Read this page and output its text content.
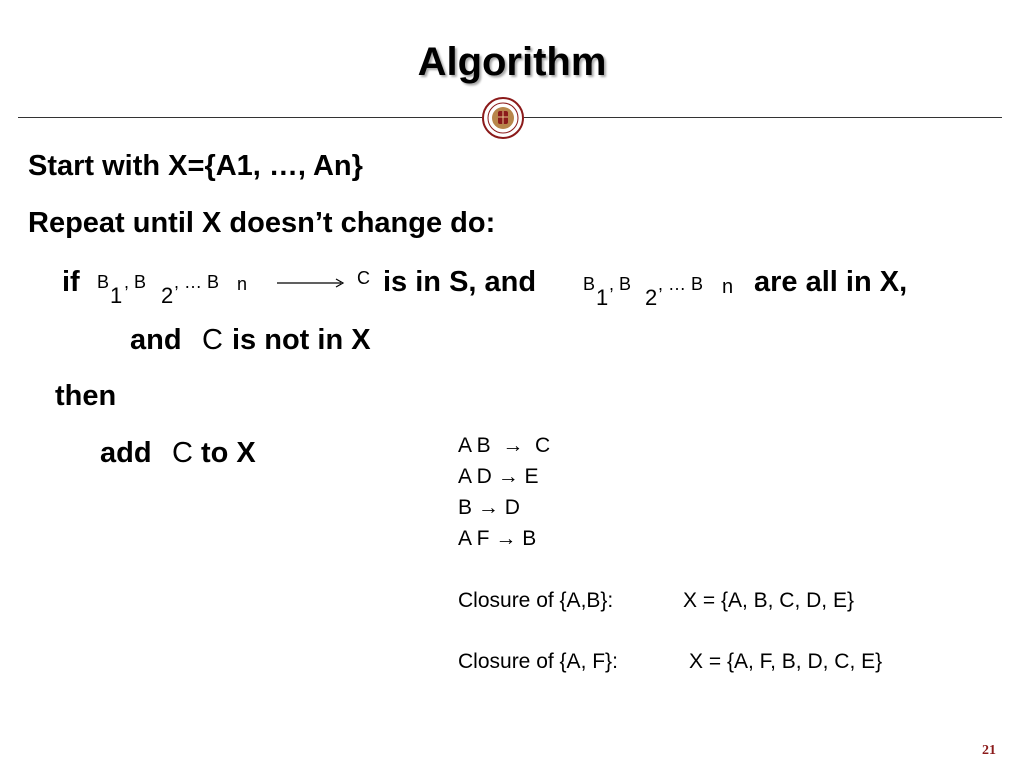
Algorithm
Start with X={A1, …, An}
Repeat until X doesn’t change do:
if B
1
, B
2
, … B n	C is in S, and	B
1
, B
2
, … B n are all in X,
and C is not in X
then
add C to X	A B →  C
A D → E
B → D
A F → B
Closure of {A,B}:	X = {A, B, C, D, E}
Closure of {A, F}:	X = {A, F, B, D, C, E}
21
